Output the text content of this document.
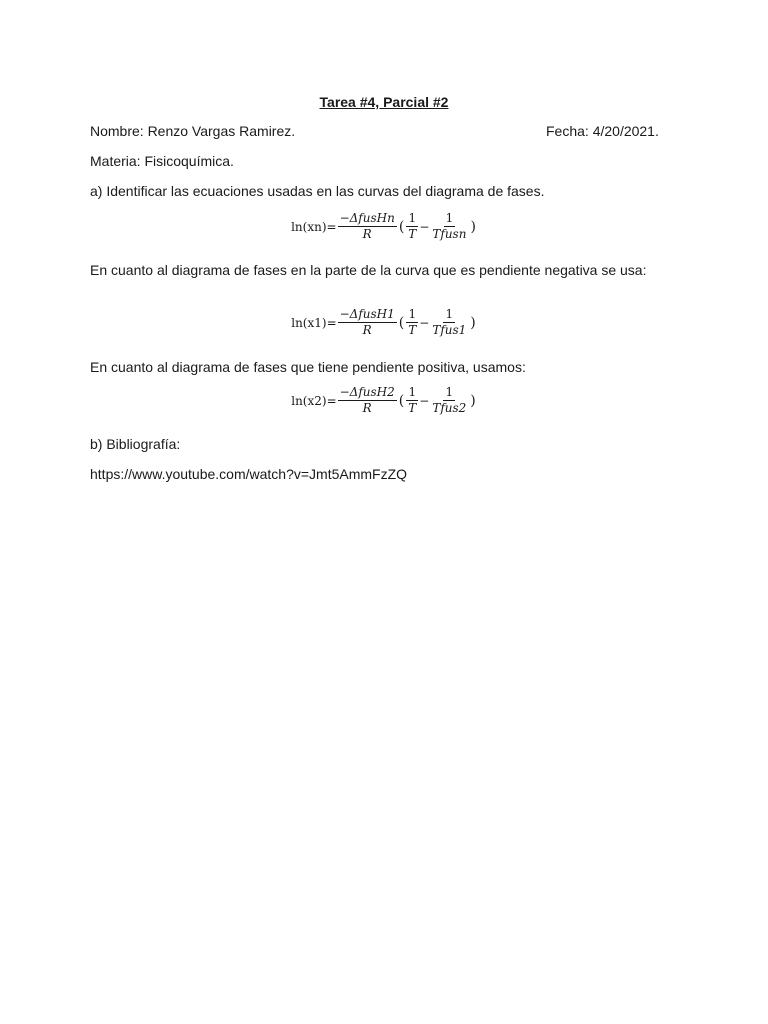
Tarea #4, Parcial #2
Nombre: Renzo Vargas Ramirez.	Fecha: 4/20/2021.
Materia: Fisicoquímica.
a) Identificar las ecuaciones usadas en las curvas del diagrama de fases.
$\ln(xn)= \frac{\text{−ΔfusHn}}{R}$ ( $\frac{1}{T} - \frac{1}{\text{Tfusn}}$ )
En cuanto al diagrama de fases en la parte de la curva que es pendiente negativa se usa:
$\ln(x1)= \frac{\text{−ΔfusH1}}{R}$ ( $\frac{1}{T} - \frac{1}{\text{Tfus1}}$ )
En cuanto al diagrama de fases que tiene pendiente positiva, usamos:
$\ln(x2)= \frac{\text{−ΔfusH2}}{R}$ ( $\frac{1}{T} - \frac{1}{\text{Tfus2}}$ )
b) Bibliografía:
https://www.youtube.com/watch?v=Jmt5AmmFzZQ
